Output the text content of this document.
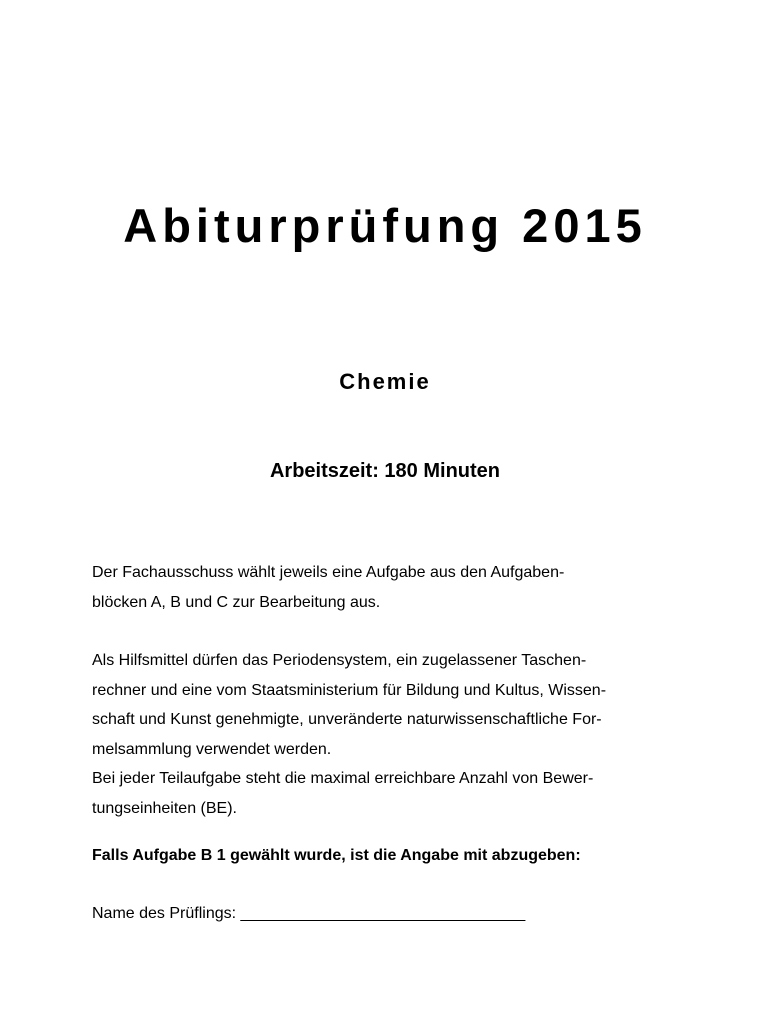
Abiturprüfung 2015
Chemie
Arbeitszeit: 180 Minuten

Der Fachausschuss wählt jeweils eine Aufgabe aus den Aufgaben-
blöcken A, B und C zur Bearbeitung aus.

Als Hilfsmittel dürfen das Periodensystem, ein zugelassener Taschen-
rechner und eine vom Staatsministerium für Bildung und Kultus, Wissen-
schaft und Kunst genehmigte, unveränderte naturwissenschaftliche For-
melsammlung verwendet werden.

Bei jeder Teilaufgabe steht die maximal erreichbare Anzahl von Bewer-
tungseinheiten (BE).

Falls Aufgabe B 1 gewählt wurde, ist die Angabe mit abzugeben:

Name des Prüflings: ________________________________
